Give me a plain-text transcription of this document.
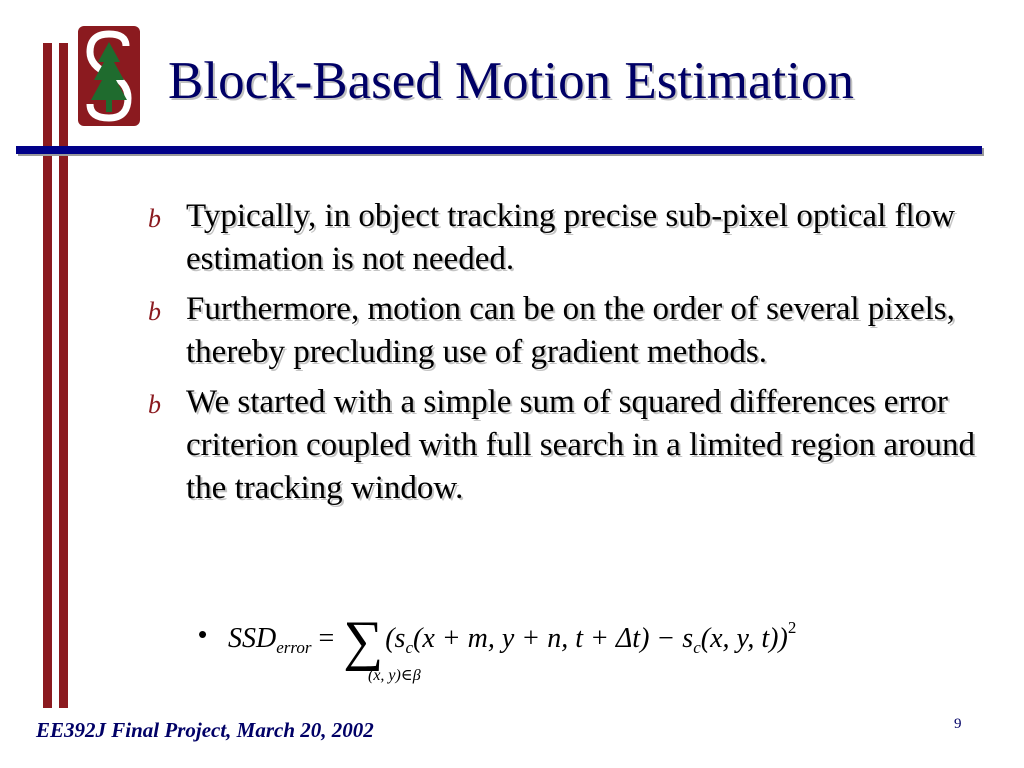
Block-Based Motion Estimation
b Typically, in object tracking precise sub-pixel optical flow estimation is not needed.
b Furthermore, motion can be on the order of several pixels, thereby precluding use of gradient methods.
b We started with a simple sum of squared differences error criterion coupled with full search in a limited region around the tracking window.
• $SSD_{error} = \sum(s_c(x + m$, y + n, $t + \Delta t) - s_c(x$, y, t))$^2$
(x, y)∈β

EE392J Final Project, March 20, 2002	9
